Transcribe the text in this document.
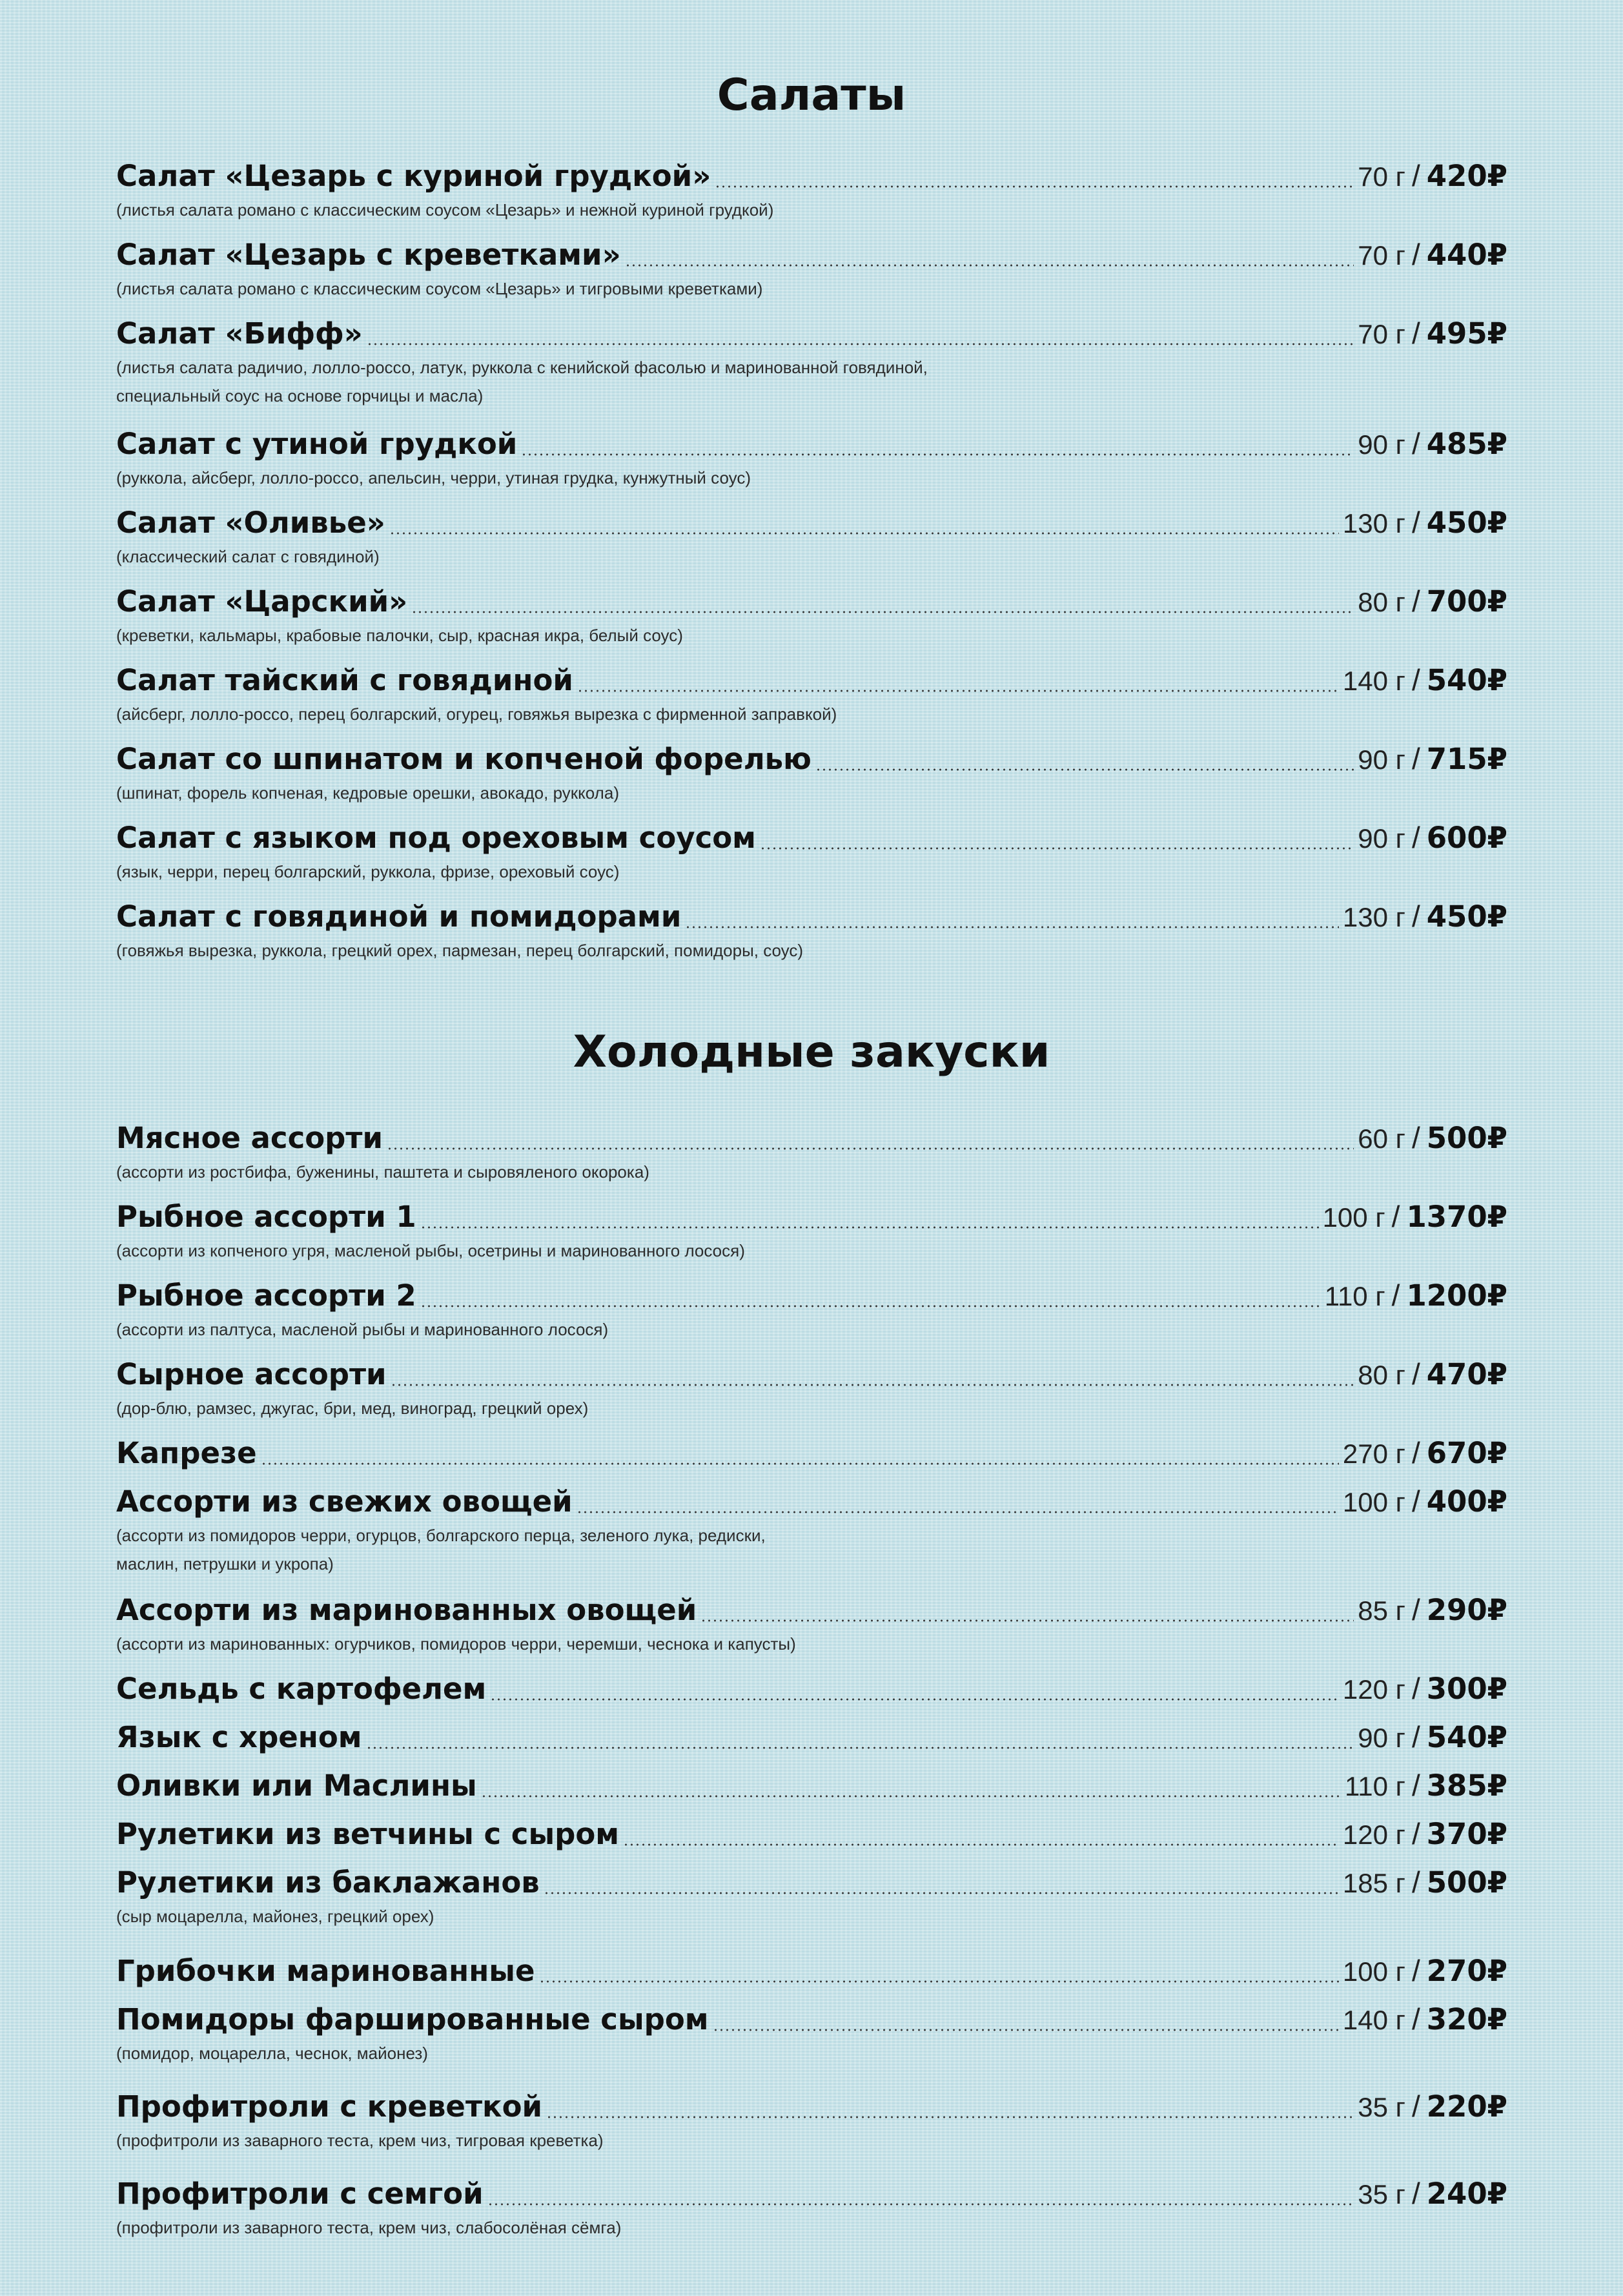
Салаты
Холодные закуски
Салат «Цезарь с куриной грудкой»	70 г / 420₽
(листья салата романо с классическим соусом «Цезарь» и нежной куриной грудкой)
Салат «Цезарь с креветками»	70 г / 440₽
(листья салата романо с классическим соусом «Цезарь» и тигровыми креветками)
Салат «Бифф»	70 г / 495₽
(листья салата радичио, лолло-россо, латук, руккола с кенийской фасолью и маринованной говядиной,
специальный соус на основе горчицы и масла)
Салат с утиной грудкой	90 г / 485₽
(руккола, айсберг, лолло-россо, апельсин, черри, утиная грудка, кунжутный соус)
Салат «Оливье»	130 г / 450₽
(классический салат с говядиной)
Салат «Царский»	80 г / 700₽
(креветки, кальмары, крабовые палочки, сыр, красная икра, белый соус)
Салат тайский с говядиной	140 г / 540₽
(айсберг, лолло-россо, перец болгарский, огурец, говяжья вырезка с фирменной заправкой)
Салат со шпинатом и копченой форелью	90 г / 715₽
(шпинат, форель копченая, кедровые орешки, авокадо, руккола)
Салат с языком под ореховым соусом	90 г / 600₽
(язык, черри, перец болгарский, руккола, фризе, ореховый соус)
Салат с говядиной и помидорами	130 г / 450₽
(говяжья вырезка, руккола, грецкий орех, пармезан, перец болгарский, помидоры, соус)
Мясное ассорти	60 г / 500₽
(ассорти из ростбифа, буженины, паштета и сыровяленого окорока)
Рыбное ассорти 1	100 г / 1370₽
(ассорти из копченого угря, масленой рыбы, осетрины и маринованного лосося)
Рыбное ассорти 2	110 г / 1200₽
(ассорти из палтуса, масленой рыбы и маринованного лосося)
Сырное ассорти	80 г / 470₽
(дор-блю, рамзес, джугас, бри, мед, виноград, грецкий орех)
Капрезе	270 г / 670₽
Ассорти из свежих овощей	100 г / 400₽
(ассорти из помидоров черри, огурцов, болгарского перца, зеленого лука, редиски,
маслин, петрушки и укропа)
Ассорти из маринованных овощей	85 г / 290₽
(ассорти из маринованных: огурчиков, помидоров черри, черемши, чеснока и капусты)
Сельдь с картофелем	120 г / 300₽
Язык с хреном	90 г / 540₽
Оливки или Маслины	110 г / 385₽
Рулетики из ветчины с сыром	120 г / 370₽
Рулетики из баклажанов	185 г / 500₽
(сыр моцарелла, майонез, грецкий орех)
Грибочки маринованные	100 г / 270₽
Помидоры фаршированные сыром	140 г / 320₽
(помидор, моцарелла, чеснок, майонез)
Профитроли с креветкой	35 г / 220₽
(профитроли из заварного теста, крем чиз, тигровая креветка)
Профитроли с семгой	35 г / 240₽
(профитроли из заварного теста, крем чиз, слабосолёная сёмга)
